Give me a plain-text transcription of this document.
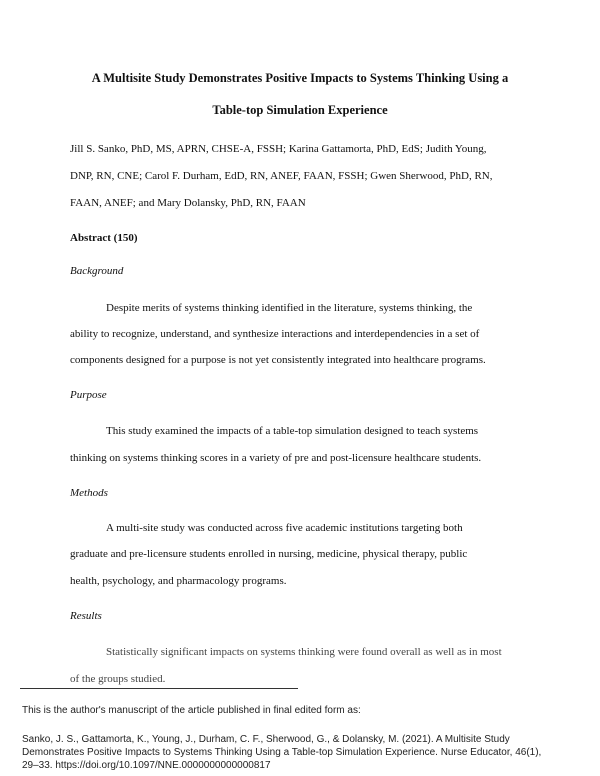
A Multisite Study Demonstrates Positive Impacts to Systems Thinking Using a
Table-top Simulation Experience
Jill S. Sanko, PhD, MS, APRN, CHSE-A, FSSH; Karina Gattamorta, PhD, EdS; Judith Young,
DNP, RN, CNE; Carol F. Durham, EdD, RN, ANEF, FAAN, FSSH; Gwen Sherwood, PhD, RN,
FAAN, ANEF; and Mary Dolansky, PhD, RN, FAAN
Abstract (150)
Background
Despite merits of systems thinking identified in the literature, systems thinking, the
ability to recognize, understand, and synthesize interactions and interdependencies in a set of
components designed for a purpose is not yet consistently integrated into healthcare programs.
Purpose
This study examined the impacts of a table-top simulation designed to teach systems
thinking on systems thinking scores in a variety of pre and post-licensure healthcare students.
Methods
A multi-site study was conducted across five academic institutions targeting both
graduate and pre-licensure students enrolled in nursing, medicine, physical therapy, public
health, psychology, and pharmacology programs.
Results
Statistically significant impacts on systems thinking were found overall as well as in most
of the groups studied.
This is the author's manuscript of the article published in final edited form as:
Sanko, J. S., Gattamorta, K., Young, J., Durham, C. F., Sherwood, G., & Dolansky, M. (2021). A Multisite Study
Demonstrates Positive Impacts to Systems Thinking Using a Table-top Simulation Experience. Nurse Educator, 46(1),
29–33. https://doi.org/10.1097/NNE.0000000000000817
